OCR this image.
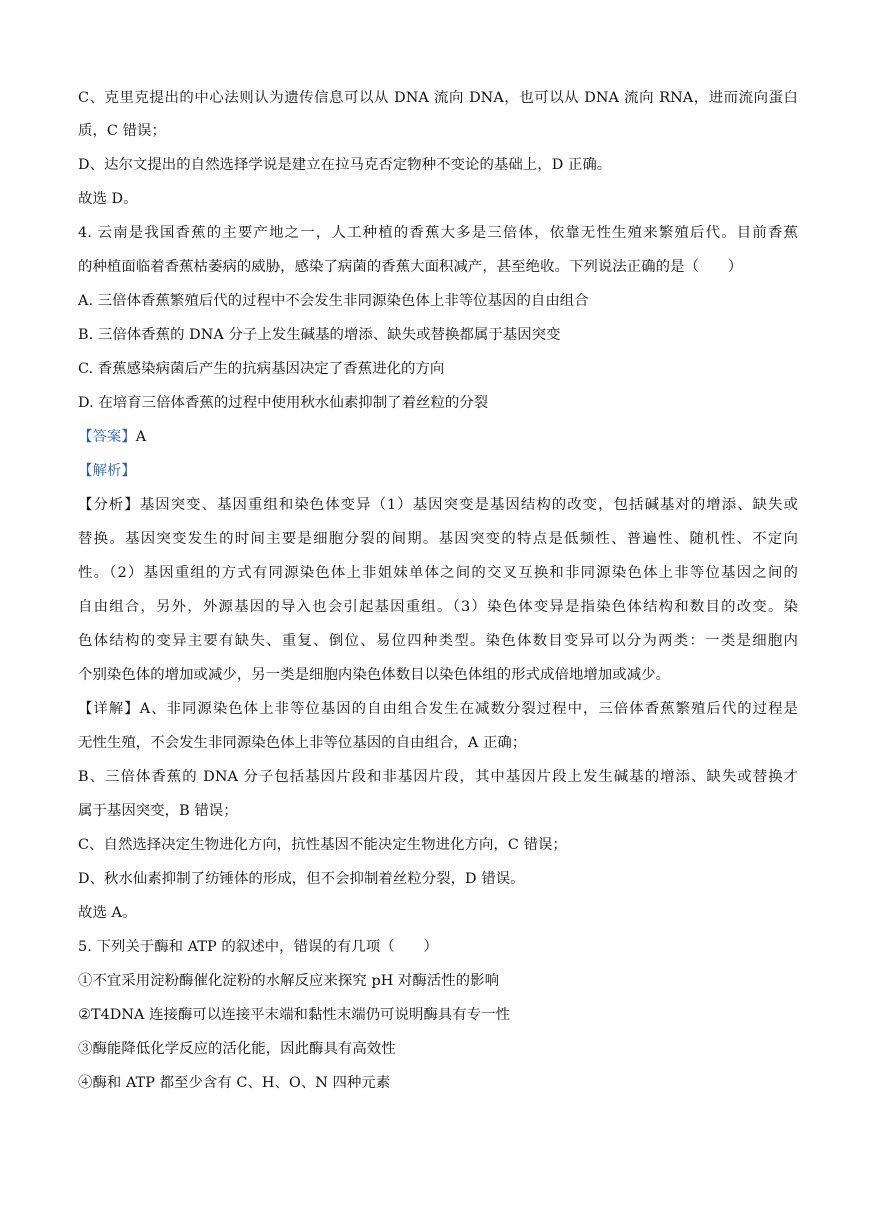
C、克里克提出的中心法则认为遗传信息可以从 DNA 流向 DNA，也可以从 DNA 流向 RNA，进而流向蛋白
质，C 错误；
D、达尔文提出的自然选择学说是建立在拉马克否定物种不变论的基础上，D 正确。
故选 D。
4. 云南是我国香蕉的主要产地之一，人工种植的香蕉大多是三倍体，依靠无性生殖来繁殖后代。目前香蕉
的种植面临着香蕉枯萎病的威胁，感染了病菌的香蕉大面积减产，甚至绝收。下列说法正确的是（　　）
A. 三倍体香蕉繁殖后代的过程中不会发生非同源染色体上非等位基因的自由组合
B. 三倍体香蕉的 DNA 分子上发生碱基的增添、缺失或替换都属于基因突变
C. 香蕉感染病菌后产生的抗病基因决定了香蕉进化的方向
D. 在培育三倍体香蕉的过程中使用秋水仙素抑制了着丝粒的分裂
【答案】A
【解析】
【分析】基因突变、基因重组和染色体变异（1）基因突变是基因结构的改变，包括碱基对的增添、缺失或
替换。基因突变发生的时间主要是细胞分裂的间期。基因突变的特点是低频性、普遍性、随机性、不定向
性。（2）基因重组的方式有同源染色体上非姐妹单体之间的交叉互换和非同源染色体上非等位基因之间的
自由组合，另外，外源基因的导入也会引起基因重组。（3）染色体变异是指染色体结构和数目的改变。染
色体结构的变异主要有缺失、重复、倒位、易位四种类型。染色体数目变异可以分为两类：一类是细胞内
个别染色体的增加或减少，另一类是细胞内染色体数目以染色体组的形式成倍地增加或减少。
【详解】A、非同源染色体上非等位基因的自由组合发生在减数分裂过程中，三倍体香蕉繁殖后代的过程是
无性生殖，不会发生非同源染色体上非等位基因的自由组合，A 正确；
B、三倍体香蕉的 DNA 分子包括基因片段和非基因片段，其中基因片段上发生碱基的增添、缺失或替换才
属于基因突变，B 错误；
C、自然选择决定生物进化方向，抗性基因不能决定生物进化方向，C 错误；
D、秋水仙素抑制了纺锤体的形成，但不会抑制着丝粒分裂，D 错误。
故选 A。
5. 下列关于酶和 ATP 的叙述中，错误的有几项（　　）
①不宜采用淀粉酶催化淀粉的水解反应来探究 pH 对酶活性的影响
②T4DNA 连接酶可以连接平末端和黏性末端仍可说明酶具有专一性
③酶能降低化学反应的活化能，因此酶具有高效性
④酶和 ATP 都至少含有 C、H、O、N 四种元素
